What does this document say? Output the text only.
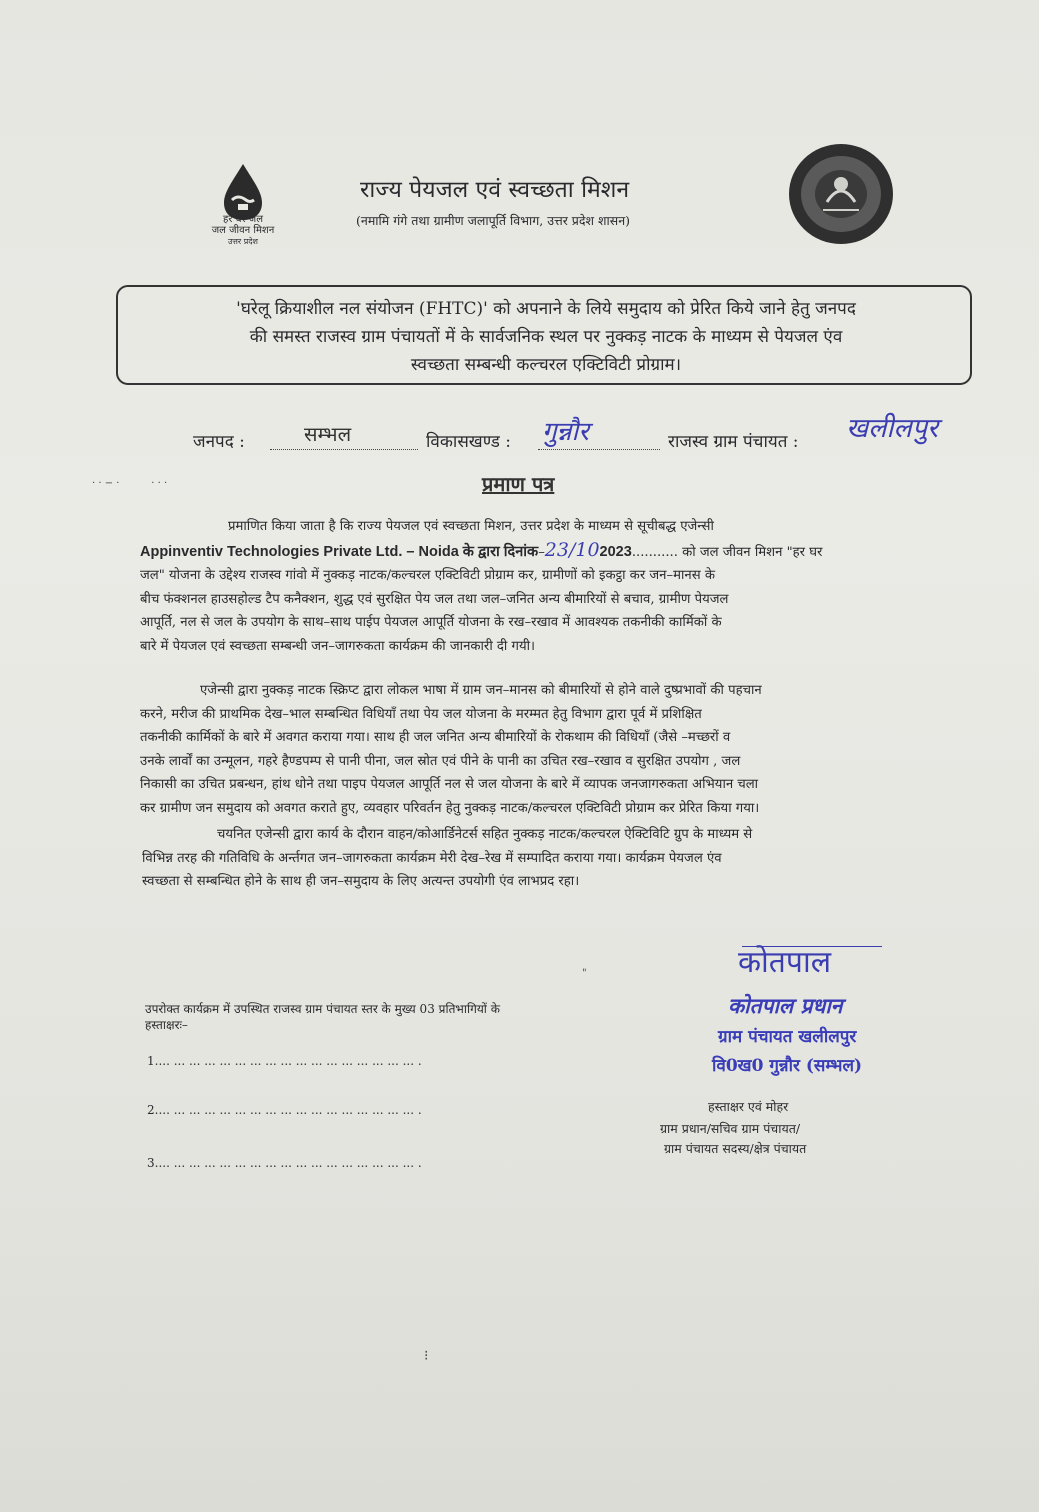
हर घर जल
जल जीवन मिशन
उत्तर प्रदेश
राज्य पेयजल एवं स्वच्छता मिशन
(नमामि गंगे तथा ग्रामीण जलापूर्ति विभाग, उत्तर प्रदेश शासन)
'घरेलू क्रियाशील नल संयोजन (FHTC)' को अपनाने के लिये समुदाय को प्रेरित किये जाने हेतु जनपद
की समस्त राजस्व ग्राम पंचायतों में के सार्वजनिक स्थल पर नुक्कड़ नाटक के माध्यम से पेयजल एंव
स्वच्छता सम्बन्धी कल्चरल एक्टिविटी प्रोग्राम।
जनपद :	सम्भल	विकासखण्ड : गुन्नौर	राजस्व ग्राम पंचायत : खलीलपुर
· · − ·          · · ·	प्रमाण पत्र
प्रमाणित किया जाता है कि राज्य पेयजल एवं स्वच्छता मिशन, उत्तर प्रदेश के माध्यम से सूचीबद्ध एजेन्सी
Appinventiv Technologies Private Ltd. – Noida के द्वारा दिनांक–23/102023........... को जल जीवन मिशन "हर घर
जल" योजना के उद्देश्य राजस्व गांवो में नुक्कड़ नाटक/कल्चरल एक्टिविटी प्रोग्राम कर, ग्रामीणों को इकट्ठा कर जन–मानस के
बीच फंक्शनल हाउसहोल्ड टैप कनैक्शन, शुद्ध एवं सुरक्षित पेय जल तथा जल–जनित अन्य बीमारियों से बचाव, ग्रामीण पेयजल
आपूर्ति, नल से जल के उपयोग के साथ–साथ पाईप पेयजल आपूर्ति योजना के रख–रखाव में आवश्यक तकनीकी कार्मिकों के
बारे में पेयजल एवं स्वच्छता सम्बन्धी जन–जागरुकता कार्यक्रम की जानकारी दी गयी।
एजेन्सी द्वारा नुक्कड़ नाटक स्क्रिप्ट द्वारा लोकल भाषा में ग्राम जन–मानस को बीमारियों से होने वाले दुष्प्रभावों की पहचान
करने, मरीज की प्राथमिक देख–भाल सम्बन्धित विधियाँ तथा पेय जल योजना के मरम्मत हेतु विभाग द्वारा पूर्व में प्रशिक्षित
तकनीकी कार्मिकों के बारे में अवगत कराया गया। साथ ही जल जनित अन्य बीमारियों के रोकथाम की विधियाँ (जैसे –मच्छरों व
उनके लार्वों का उन्मूलन, गहरे हैण्डपम्प से पानी पीना, जल स्रोत एवं पीने के पानी का उचित रख–रखाव व सुरक्षित उपयोग , जल
निकासी का उचित प्रबन्धन, हांथ धोने तथा पाइप पेयजल आपूर्ति नल से जल योजना के बारे में व्यापक जनजागरुकता अभियान चला
कर ग्रामीण जन समुदाय को अवगत कराते हुए, व्यवहार परिवर्तन हेतु नुक्कड़ नाटक/कल्चरल एक्टिविटी प्रोग्राम कर प्रेरित किया गया।
चयनित एजेन्सी द्वारा कार्य के दौरान वाहन/कोआर्डिनेटर्स सहित नुक्कड़ नाटक/कल्चरल ऐक्टिविटि ग्रुप के माध्यम से
विभिन्न तरह की गतिविधि के अर्न्तगत जन–जागरुकता कार्यक्रम मेरी देख–रेख में सम्पादित कराया गया। कार्यक्रम पेयजल एंव
स्वच्छता से सम्बन्धित होने के साथ ही जन–समुदाय के लिए अत्यन्त उपयोगी एंव लाभप्रद रहा।
उपरोक्त कार्यक्रम में उपस्थित राजस्व ग्राम पंचायत स्तर के मुख्य 03 प्रतिभागियों के
हस्ताक्षरः–
1.... ... ... ... ... ... ... ... ... ... ... ... ... ... ... ... ... .
2.... ... ... ... ... ... ... ... ... ... ... ... ... ... ... ... ... .
3.... ... ... ... ... ... ... ... ... ... ... ... ... ... ... ... ... .
कोतपाल
कोतपाल प्रधान
ग्राम पंचायत खलीलपुर
वि0ख0 गुन्नौर (सम्भल)
हस्ताक्षर एवं मोहर
ग्राम प्रधान/सचिव ग्राम पंचायत/
ग्राम पंचायत सदस्य/क्षेत्र पंचायत
"
⁝
